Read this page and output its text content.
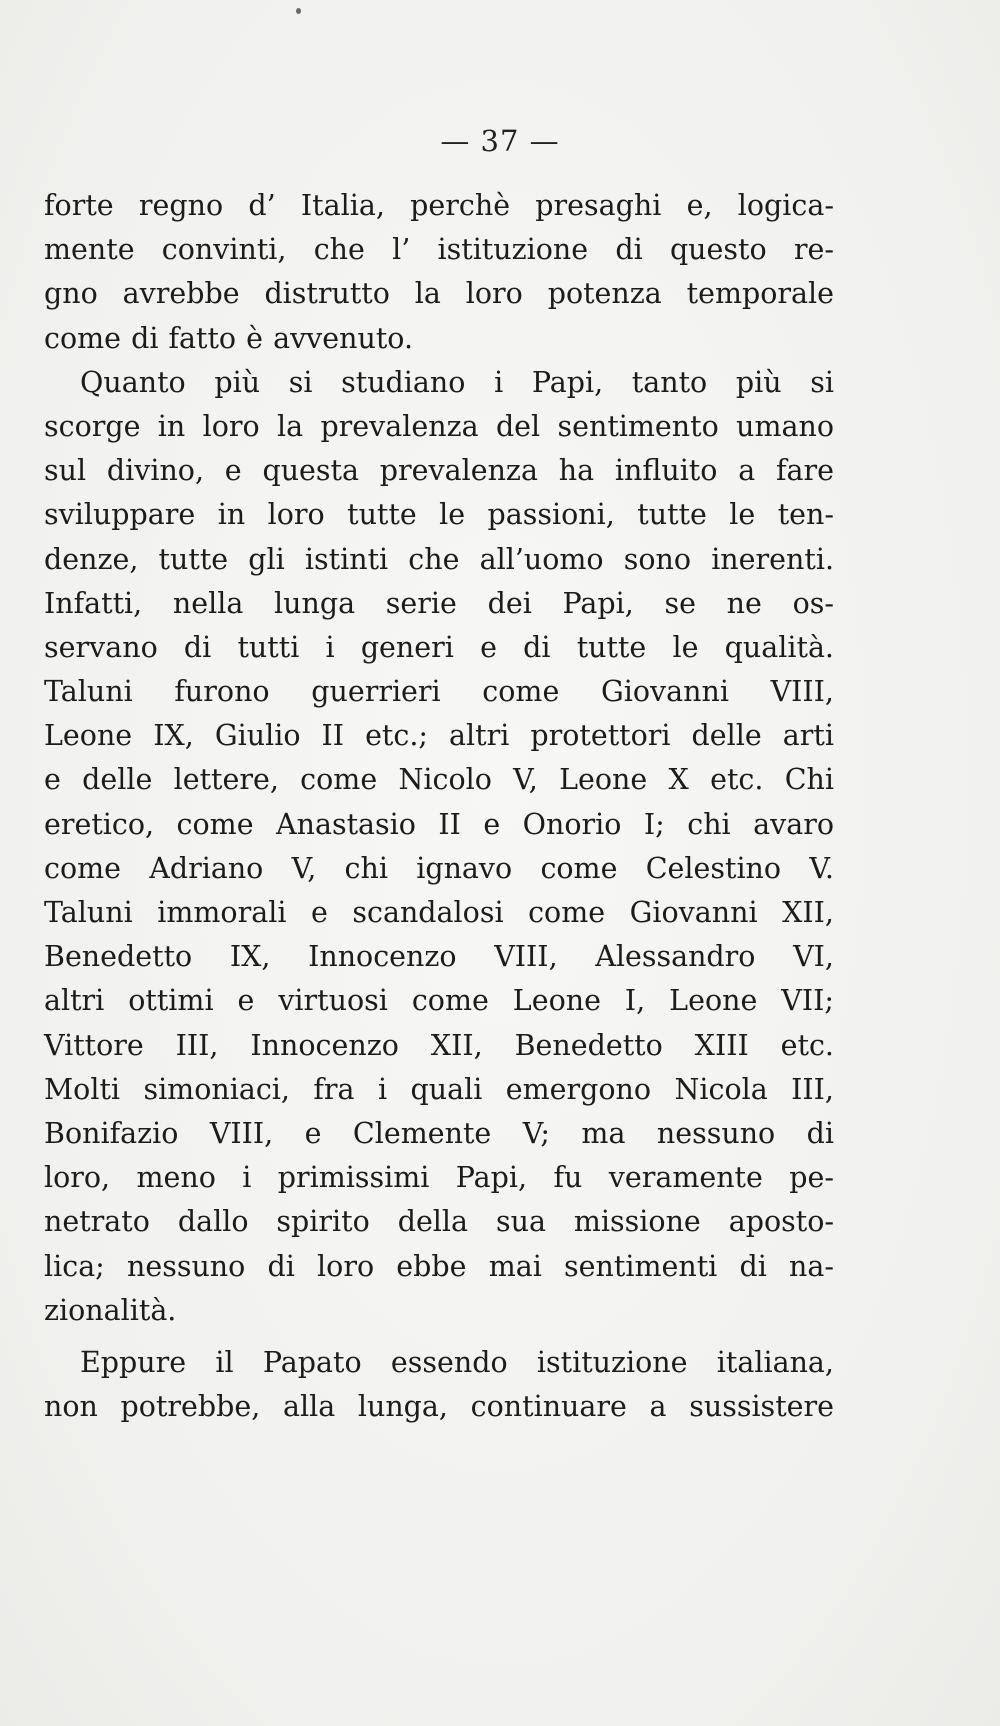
— 37 —
forte regno d’ Italia, perchè presaghi e, logica-
mente convinti, che l’ istituzione di questo re-
gno avrebbe distrutto la loro potenza temporale
come di fatto è avvenuto.
Quanto più si studiano i Papi, tanto più si
scorge in loro la prevalenza del sentimento umano
sul divino, e questa prevalenza ha influito a fare
sviluppare in loro tutte le passioni, tutte le ten-
denze, tutte gli istinti che all’uomo sono inerenti.
Infatti, nella lunga serie dei Papi, se ne os-
servano di tutti i generi e di tutte le qualità.
Taluni furono guerrieri come Giovanni VIII,
Leone IX, Giulio II etc.; altri protettori delle arti
e delle lettere, come Nicolo V, Leone X etc. Chi
eretico, come Anastasio II e Onorio I; chi avaro
come Adriano V, chi ignavo come Celestino V.
Taluni immorali e scandalosi come Giovanni XII,
Benedetto IX, Innocenzo VIII, Alessandro VI,
altri ottimi e virtuosi come Leone I, Leone VII;
Vittore III, Innocenzo XII, Benedetto XIII etc.
Molti simoniaci, fra i quali emergono Nicola III,
Bonifazio VIII, e Clemente V; ma nessuno di
loro, meno i primissimi Papi, fu veramente pe-
netrato dallo spirito della sua missione aposto-
lica; nessuno di loro ebbe mai sentimenti di na-
zionalità.
Eppure il Papato essendo istituzione italiana,
non potrebbe, alla lunga, continuare a sussistere
